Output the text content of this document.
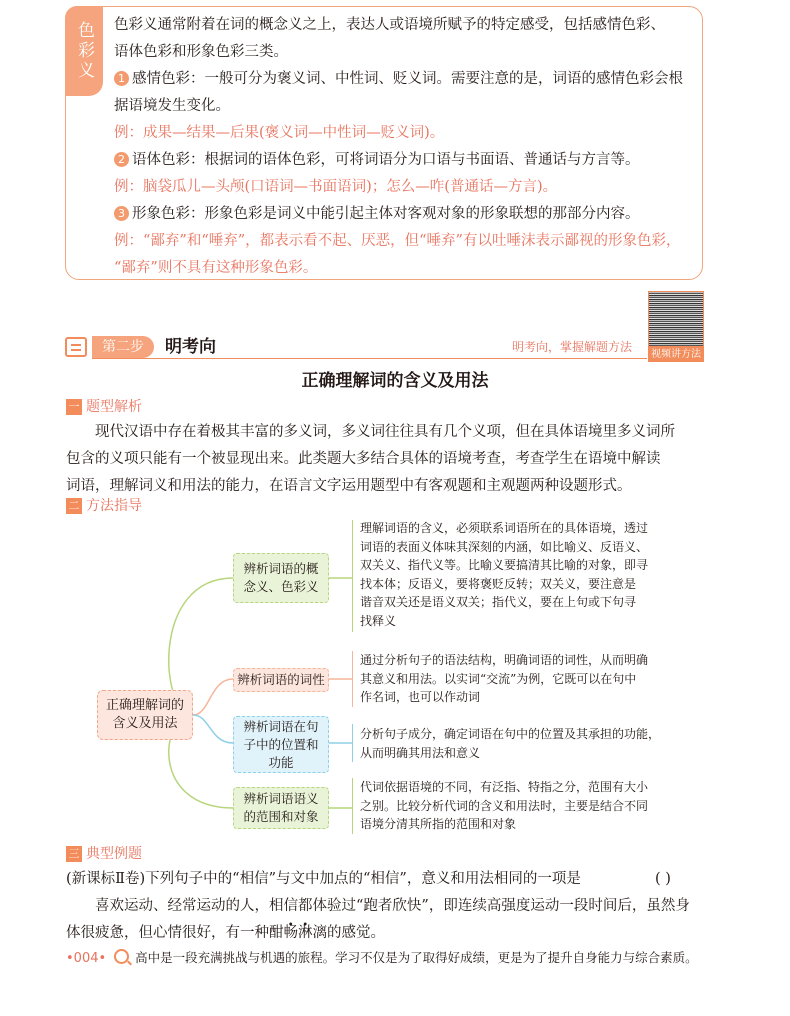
色彩义	色彩义通常附着在词的概念义之上，表达人或语境所赋予的特定感受，包括感情色彩、
语体色彩和形象色彩三类。
1 感情色彩：一般可分为褒义词、中性词、贬义词。需要注意的是，词语的感情色彩会根
据语境发生变化。
例：成果—结果—后果(褒义词—中性词—贬义词)。
2 语体色彩：根据词的语体色彩，可将词语分为口语与书面语、普通话与方言等。
例：脑袋瓜儿—头颅(口语词—书面语词)；怎么—咋(普通话—方言)。
3 形象色彩：形象色彩是词义中能引起主体对客观对象的形象联想的那部分内容。
例：“鄙弃”和“唾弃”，都表示看不起、厌恶，但“唾弃”有以吐唾沫表示鄙视的形象色彩，
“鄙弃”则不具有这种形象色彩。
第二步	明考向	明考向，掌握解题方法
视频讲方法
正确理解词的含义及用法
一 题型解析
现代汉语中存在着极其丰富的多义词，多义词往往具有几个义项，但在具体语境里多义词所
包含的义项只能有一个被显现出来。此类题大多结合具体的语境考查，考查学生在语境中解读
词语，理解词义和用法的能力，在语言文字运用题型中有客观题和主观题两种设题形式。
二 方法指导
正确理解词的
含义及用法
辨析词语的概
念义、色彩义
辨析词语的词性
辨析词语在句
子中的位置和
功能
辨析词语语义
的范围和对象
理解词语的含义，必须联系词语所在的具体语境，透过
词语的表面义体味其深刻的内涵，如比喻义、反语义、
双关义、指代义等。比喻义要搞清其比喻的对象，即寻
找本体；反语义，要将褒贬反转；双关义，要注意是
谐音双关还是语义双关；指代义，要在上句或下句寻
找释义
通过分析句子的语法结构，明确词语的词性，从而明确
其意义和用法。以实词“交流”为例，它既可以在句中
作名词，也可以作动词
分析句子成分，确定词语在句中的位置及其承担的功能，
从而明确其用法和意义
代词依据语境的不同，有泛指、特指之分，范围有大小
之别。比较分析代词的含义和用法时，主要是结合不同
语境分清其所指的范围和对象
三 典型例题
(新课标Ⅱ卷)下列句子中的“相信”与文中加点的“相信”，意义和用法相同的一项是	( )
喜欢运动、经常运动的人，相信都体验过“跑者欣快”，即连续高强度运动一段时间后，虽然身
体很疲惫，但心情很好，有一种酣畅淋漓的感觉。
•004• 高中是一段充满挑战与机遇的旅程。学习不仅是为了取得好成绩，更是为了提升自身能力与综合素质。
